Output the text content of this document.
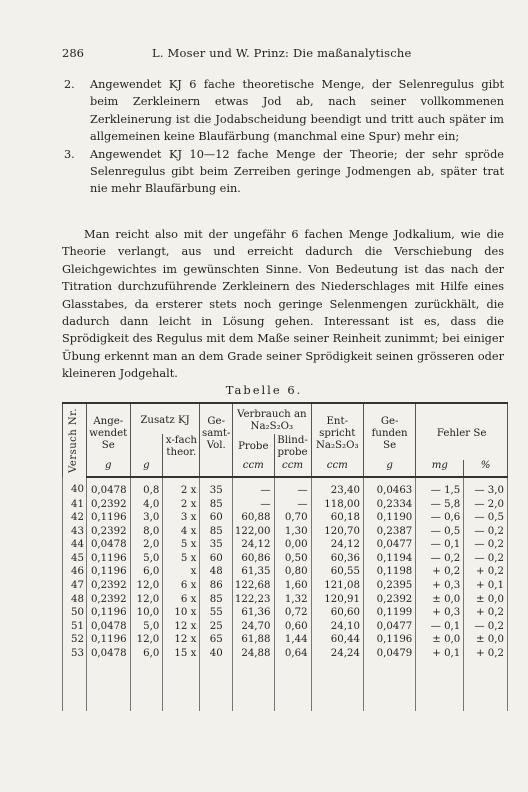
286	L. Moser und W. Prinz: Die maßanalytische
2.	Angewendet KJ 6 fache theoretische Menge, der Selenregulus gibt beim Zerkleinern etwas Jod ab, nach seiner vollkommenen Zerkleinerung ist die Jodabscheidung beendigt und tritt auch später im allgemeinen keine Blaufärbung (manchmal eine Spur) mehr ein;
3.	Angewendet KJ 10—12 fache Menge der Theorie; der sehr spröde Selenregulus gibt beim Zerreiben geringe Jodmengen ab, später trat nie mehr Blaufärbung ein.
Man reicht also mit der ungefähr 6 fachen Menge Jodkalium, wie die Theorie verlangt, aus und erreicht dadurch die Verschiebung des Gleichgewichtes im gewünschten Sinne. Von Bedeutung ist das nach der Titration durchzuführende Zerkleinern des Niederschlages mit Hilfe eines Glasstabes, da ersterer stets noch geringe Selenmengen zurückhält, die dadurch dann leicht in Lösung gehen. Interessant ist es, dass die Sprödigkeit des Regulus mit dem Maße seiner Reinheit zunimmt; bei einiger Übung erkennt man an dem Grade seiner Sprödigkeit seinen grösseren oder kleineren Jodgehalt.
Tabelle 6.
Versuch Nr.	Ange-wendet Se	Zusatz KJ		Ge-samt-Vol.	Verbrauch an Na₂S₂O₃		Ent-spricht Na₂S₂O₃	Ge-funden Se	Fehler Se	
			x-fach theor.		Probe	Blind-probe				
	g	g			ccm	ccm	ccm	g	mg	%
40	0,0478	0,8	2 x	35	—	—	23,40	0,0463	— 1,5	— 3,0
41	0,2392	4,0	2 x	85	—	—	118,00	0,2334	— 5,8	— 2,0
42	0,1196	3,0	3 x	60	60,88	0,70	60,18	0,1190	— 0,6	— 0,5
43	0,2392	8,0	4 x	85	122,00	1,30	120,70	0,2387	— 0,5	— 0,2
44	0,0478	2,0	5 x	35	24,12	0,00	24,12	0,0477	— 0,1	— 0,2
45	0,1196	5,0	5 x	60	60,86	0,50	60,36	0,1194	— 0,2	— 0,2
46	0,1196	6,0	x	48	61,35	0,80	60,55	0,1198	+ 0,2	+ 0,2
47	0,2392	12,0	6 x	86	122,68	1,60	121,08	0,2395	+ 0,3	+ 0,1
48	0,2392	12,0	6 x	85	122,23	1,32	120,91	0,2392	± 0,0	± 0,0
50	0,1196	10,0	10 x	55	61,36	0,72	60,60	0,1199	+ 0,3	+ 0,2
51	0,0478	5,0	12 x	25	24,70	0,60	24,10	0,0477	— 0,1	— 0,2
52	0,1196	12,0	12 x	65	61,88	1,44	60,44	0,1196	± 0,0	± 0,0
53	0,0478	6,0	15 x	40	24,88	0,64	24,24	0,0479	+ 0,1	+ 0,2
